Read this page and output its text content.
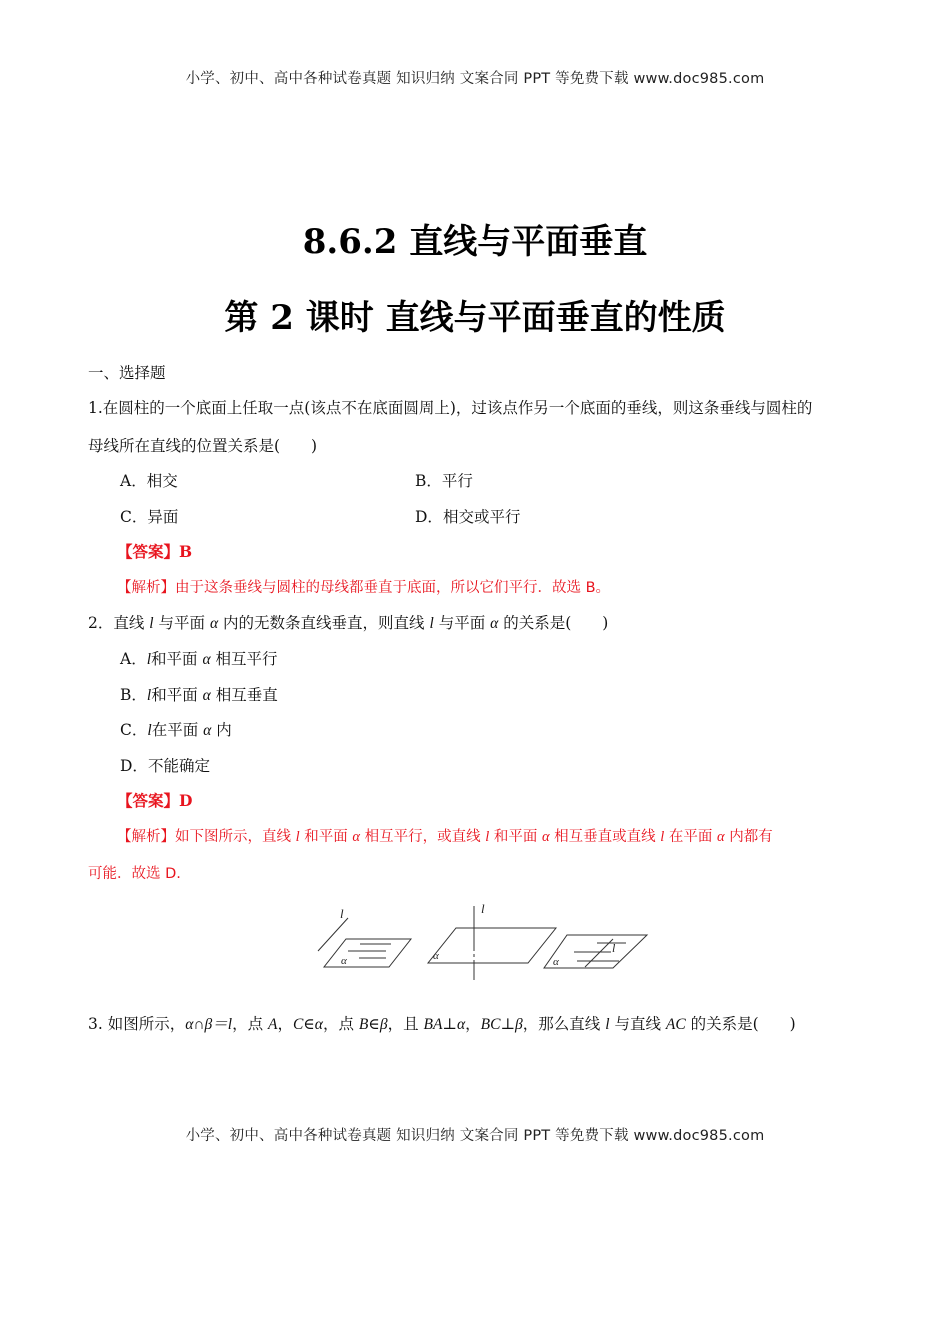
小学、初中、高中各种试卷真题 知识归纳 文案合同 PPT 等免费下载 www.doc985.com
8.6.2 直线与平面垂直
第 2 课时 直线与平面垂直的性质
一、选择题
1.在圆柱的一个底面上任取一点(该点不在底面圆周上)，过该点作另一个底面的垂线，则这条垂线与圆柱的
母线所在直线的位置关系是(　　)
A．相交	B．平行
C．异面	D．相交或平行
【答案】B
【解析】由于这条垂线与圆柱的母线都垂直于底面，所以它们平行．故选 B。
2．直线 l 与平面 α 内的无数条直线垂直，则直线 l 与平面 α 的关系是(　　)
A．l和平面 α 相互平行
B．l和平面 α 相互垂直
C．l在平面 α 内
D．不能确定
【答案】D
【解析】如下图所示，直线 l 和平面 α 相互平行，或直线 l 和平面 α 相互垂直或直线 l 在平面 α 内都有
可能．故选 D.
l
α
l
α
l
α
3. 如图所示，α∩β＝l，点 A，C∈α，点 B∈β，且 BA⊥α，BC⊥β，那么直线 l 与直线 AC 的关系是(　　)
小学、初中、高中各种试卷真题 知识归纳 文案合同 PPT 等免费下载 www.doc985.com
